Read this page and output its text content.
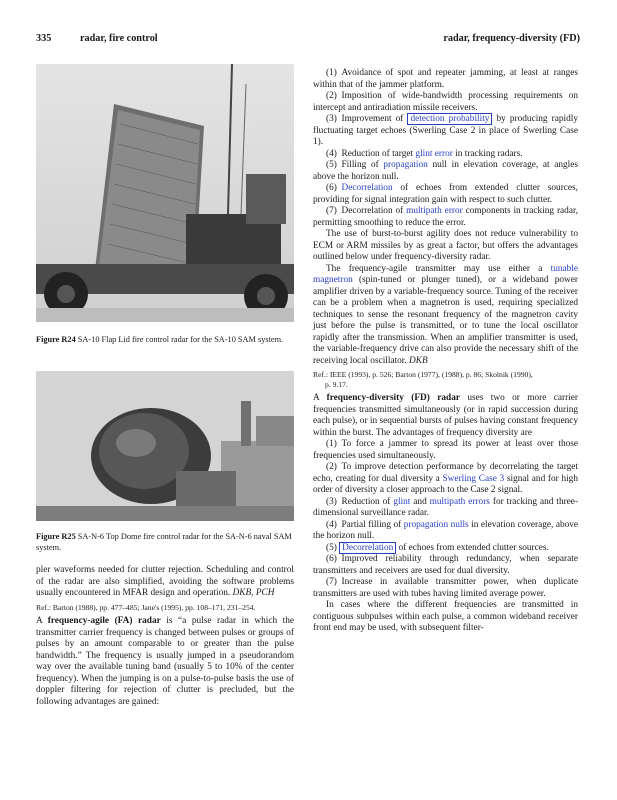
335	radar, fire control	radar, frequency-diversity (FD)
Figure R24 SA-10 Flap Lid fire control radar for the SA-10 SAM system.
Figure R25 SA-N-6 Top Dome fire control radar for the SA-N-6 naval SAM system.

pler waveforms needed for clutter rejection. Scheduling and control of the radar are also simplified, avoiding the software problems usually encountered in MFAR design and operation. DKB, PCH

Ref.: Barton (1988), pp. 477–485; Jane's (1995), pp. 108–171, 231–254.

A frequency-agile (FA) radar is “a pulse radar in which the transmitter carrier frequency is changed between pulses or groups of pulses by an amount comparable to or greater than the pulse bandwidth.” The frequency is usually jumped in a pseudorandom way over the available tuning band (usually 5 to 10% of the center frequency). When the jumping is on a pulse-to-pulse basis the use of doppler filtering for rejection of clutter is precluded, but the following advantages are gained:

(1) Avoidance of spot and repeater jamming, at least at ranges within that of the jammer platform.

(2) Imposition of wide-bandwidth processing requirements on intercept and antiradiation missile receivers.

(3) Improvement of detection probability by producing rapidly fluctuating target echoes (Swerling Case 2 in place of Swerling Case 1).

(4) Reduction of target glint error in tracking radars.

(5) Filling of propagation null in elevation coverage, at angles above the horizon null.

(6) Decorrelation of echoes from extended clutter sources, providing for signal integration gain with respect to such clutter.

(7) Decorrelation of multipath error components in tracking radar, permitting smoothing to reduce the error.

The use of burst-to-burst agility does not reduce vulnerability to ECM or ARM missiles by as great a factor, but offers the advantages outlined below under frequency-diversity radar.

The frequency-agile transmitter may use either a tunable magnetron (spin-tuned or plunger tuned), or a wideband power amplifier driven by a variable-frequency source. Tuning of the receiver can be a problem when a magnetron is used, requiring specialized techniques to sense the resonant frequency of the magnetron cavity just before the pulse is transmitted, or to tune the local oscillator rapidly after the transmission. When an amplifier transmitter is used, the variable-frequency drive can also provide the necessary shift of the receiving local oscillator. DKB

Ref.: IEEE (1993), p. 526; Barton (1977), (1988), p. 86; Skolnik (1990),
p. 9.17.

A frequency-diversity (FD) radar uses two or more carrier frequencies transmitted simultaneously (or in rapid succession during each pulse), or in sequential bursts of pulses having constant frequency within the burst. The advantages of frequency diversity are

(1) To force a jammer to spread its power at least over those frequencies used simultaneously.

(2) To improve detection performance by decorrelating the target echo, creating for dual diversity a Swerling Case 3 signal and for high order of diversity a closer approach to the Case 2 signal.

(3) Reduction of glint and multipath errors for tracking and three-dimensional surveillance radar.

(4) Partial filling of propagation nulls in elevation coverage, above the horizon null.

(5) Decorrelation of echoes from extended clutter sources.

(6) Improved reliability through redundancy, when separate transmitters and receivers are used for dual diversity.

(7) Increase in available transmitter power, when duplicate transmitters are used with tubes having limited average power.

In cases where the different frequencies are transmitted in contiguous subpulses within each pulse, a common wideband receiver front end may be used, with subsequent filter-
